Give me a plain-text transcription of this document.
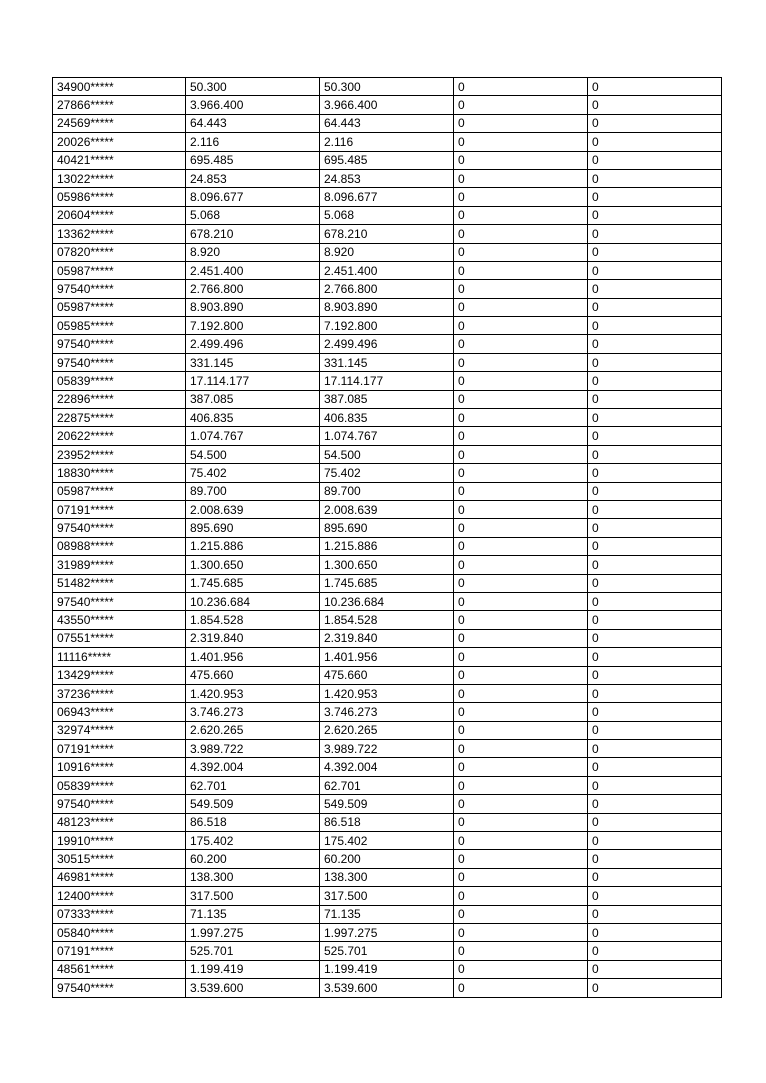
34900*****	50.300	50.300	0	0
27866*****	3.966.400	3.966.400	0	0
24569*****	64.443	64.443	0	0
20026*****	2.116	2.116	0	0
40421*****	695.485	695.485	0	0
13022*****	24.853	24.853	0	0
05986*****	8.096.677	8.096.677	0	0
20604*****	5.068	5.068	0	0
13362*****	678.210	678.210	0	0
07820*****	8.920	8.920	0	0
05987*****	2.451.400	2.451.400	0	0
97540*****	2.766.800	2.766.800	0	0
05987*****	8.903.890	8.903.890	0	0
05985*****	7.192.800	7.192.800	0	0
97540*****	2.499.496	2.499.496	0	0
97540*****	331.145	331.145	0	0
05839*****	17.114.177	17.114.177	0	0
22896*****	387.085	387.085	0	0
22875*****	406.835	406.835	0	0
20622*****	1.074.767	1.074.767	0	0
23952*****	54.500	54.500	0	0
18830*****	75.402	75.402	0	0
05987*****	89.700	89.700	0	0
07191*****	2.008.639	2.008.639	0	0
97540*****	895.690	895.690	0	0
08988*****	1.215.886	1.215.886	0	0
31989*****	1.300.650	1.300.650	0	0
51482*****	1.745.685	1.745.685	0	0
97540*****	10.236.684	10.236.684	0	0
43550*****	1.854.528	1.854.528	0	0
07551*****	2.319.840	2.319.840	0	0
11116*****	1.401.956	1.401.956	0	0
13429*****	475.660	475.660	0	0
37236*****	1.420.953	1.420.953	0	0
06943*****	3.746.273	3.746.273	0	0
32974*****	2.620.265	2.620.265	0	0
07191*****	3.989.722	3.989.722	0	0
10916*****	4.392.004	4.392.004	0	0
05839*****	62.701	62.701	0	0
97540*****	549.509	549.509	0	0
48123*****	86.518	86.518	0	0
19910*****	175.402	175.402	0	0
30515*****	60.200	60.200	0	0
46981*****	138.300	138.300	0	0
12400*****	317.500	317.500	0	0
07333*****	71.135	71.135	0	0
05840*****	1.997.275	1.997.275	0	0
07191*****	525.701	525.701	0	0
48561*****	1.199.419	1.199.419	0	0
97540*****	3.539.600	3.539.600	0	0
